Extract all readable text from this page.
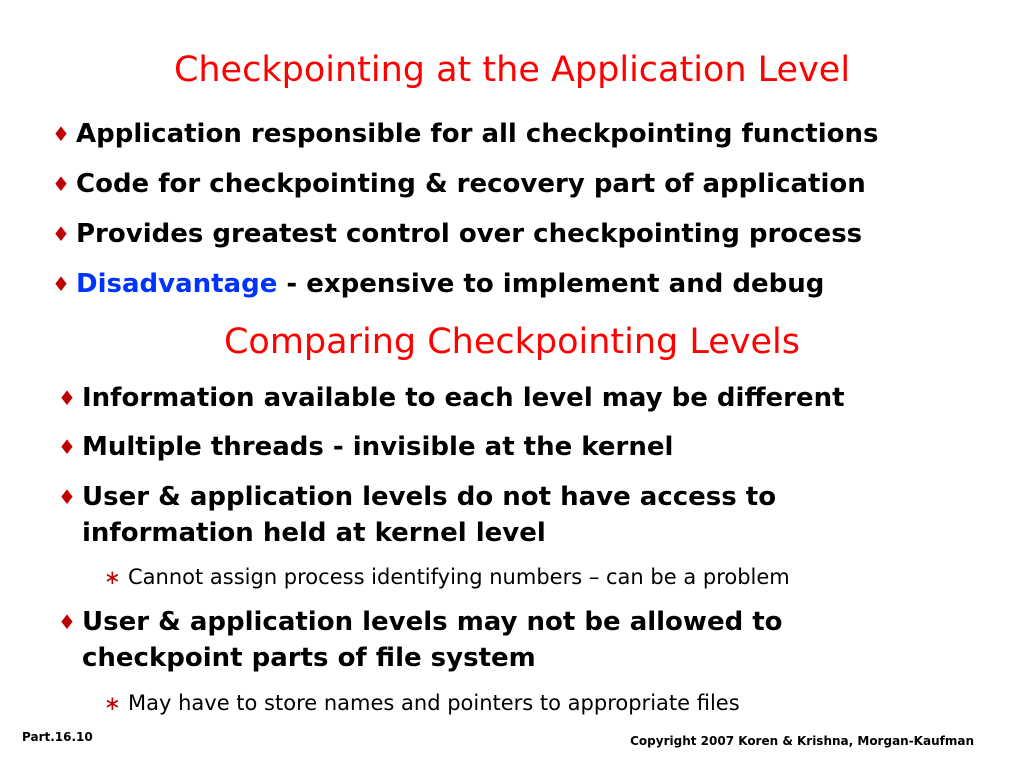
Checkpointing at the Application Level
♦ Application responsible for all checkpointing functions
♦ Code for checkpointing & recovery part of application
♦ Provides greatest control over checkpointing process
♦ Disadvantage - expensive to implement and debug
Comparing Checkpointing Levels
♦ Information available to each level may be different
♦ Multiple threads - invisible at the kernel
♦ User & application levels do not have access to
information held at kernel level
∗ Cannot assign process identifying numbers – can be a problem
♦ User & application levels may not be allowed to
checkpoint parts of file system
∗ May have to store names and pointers to appropriate files
Part.16.10	Copyright 2007 Koren & Krishna, Morgan-Kaufman
